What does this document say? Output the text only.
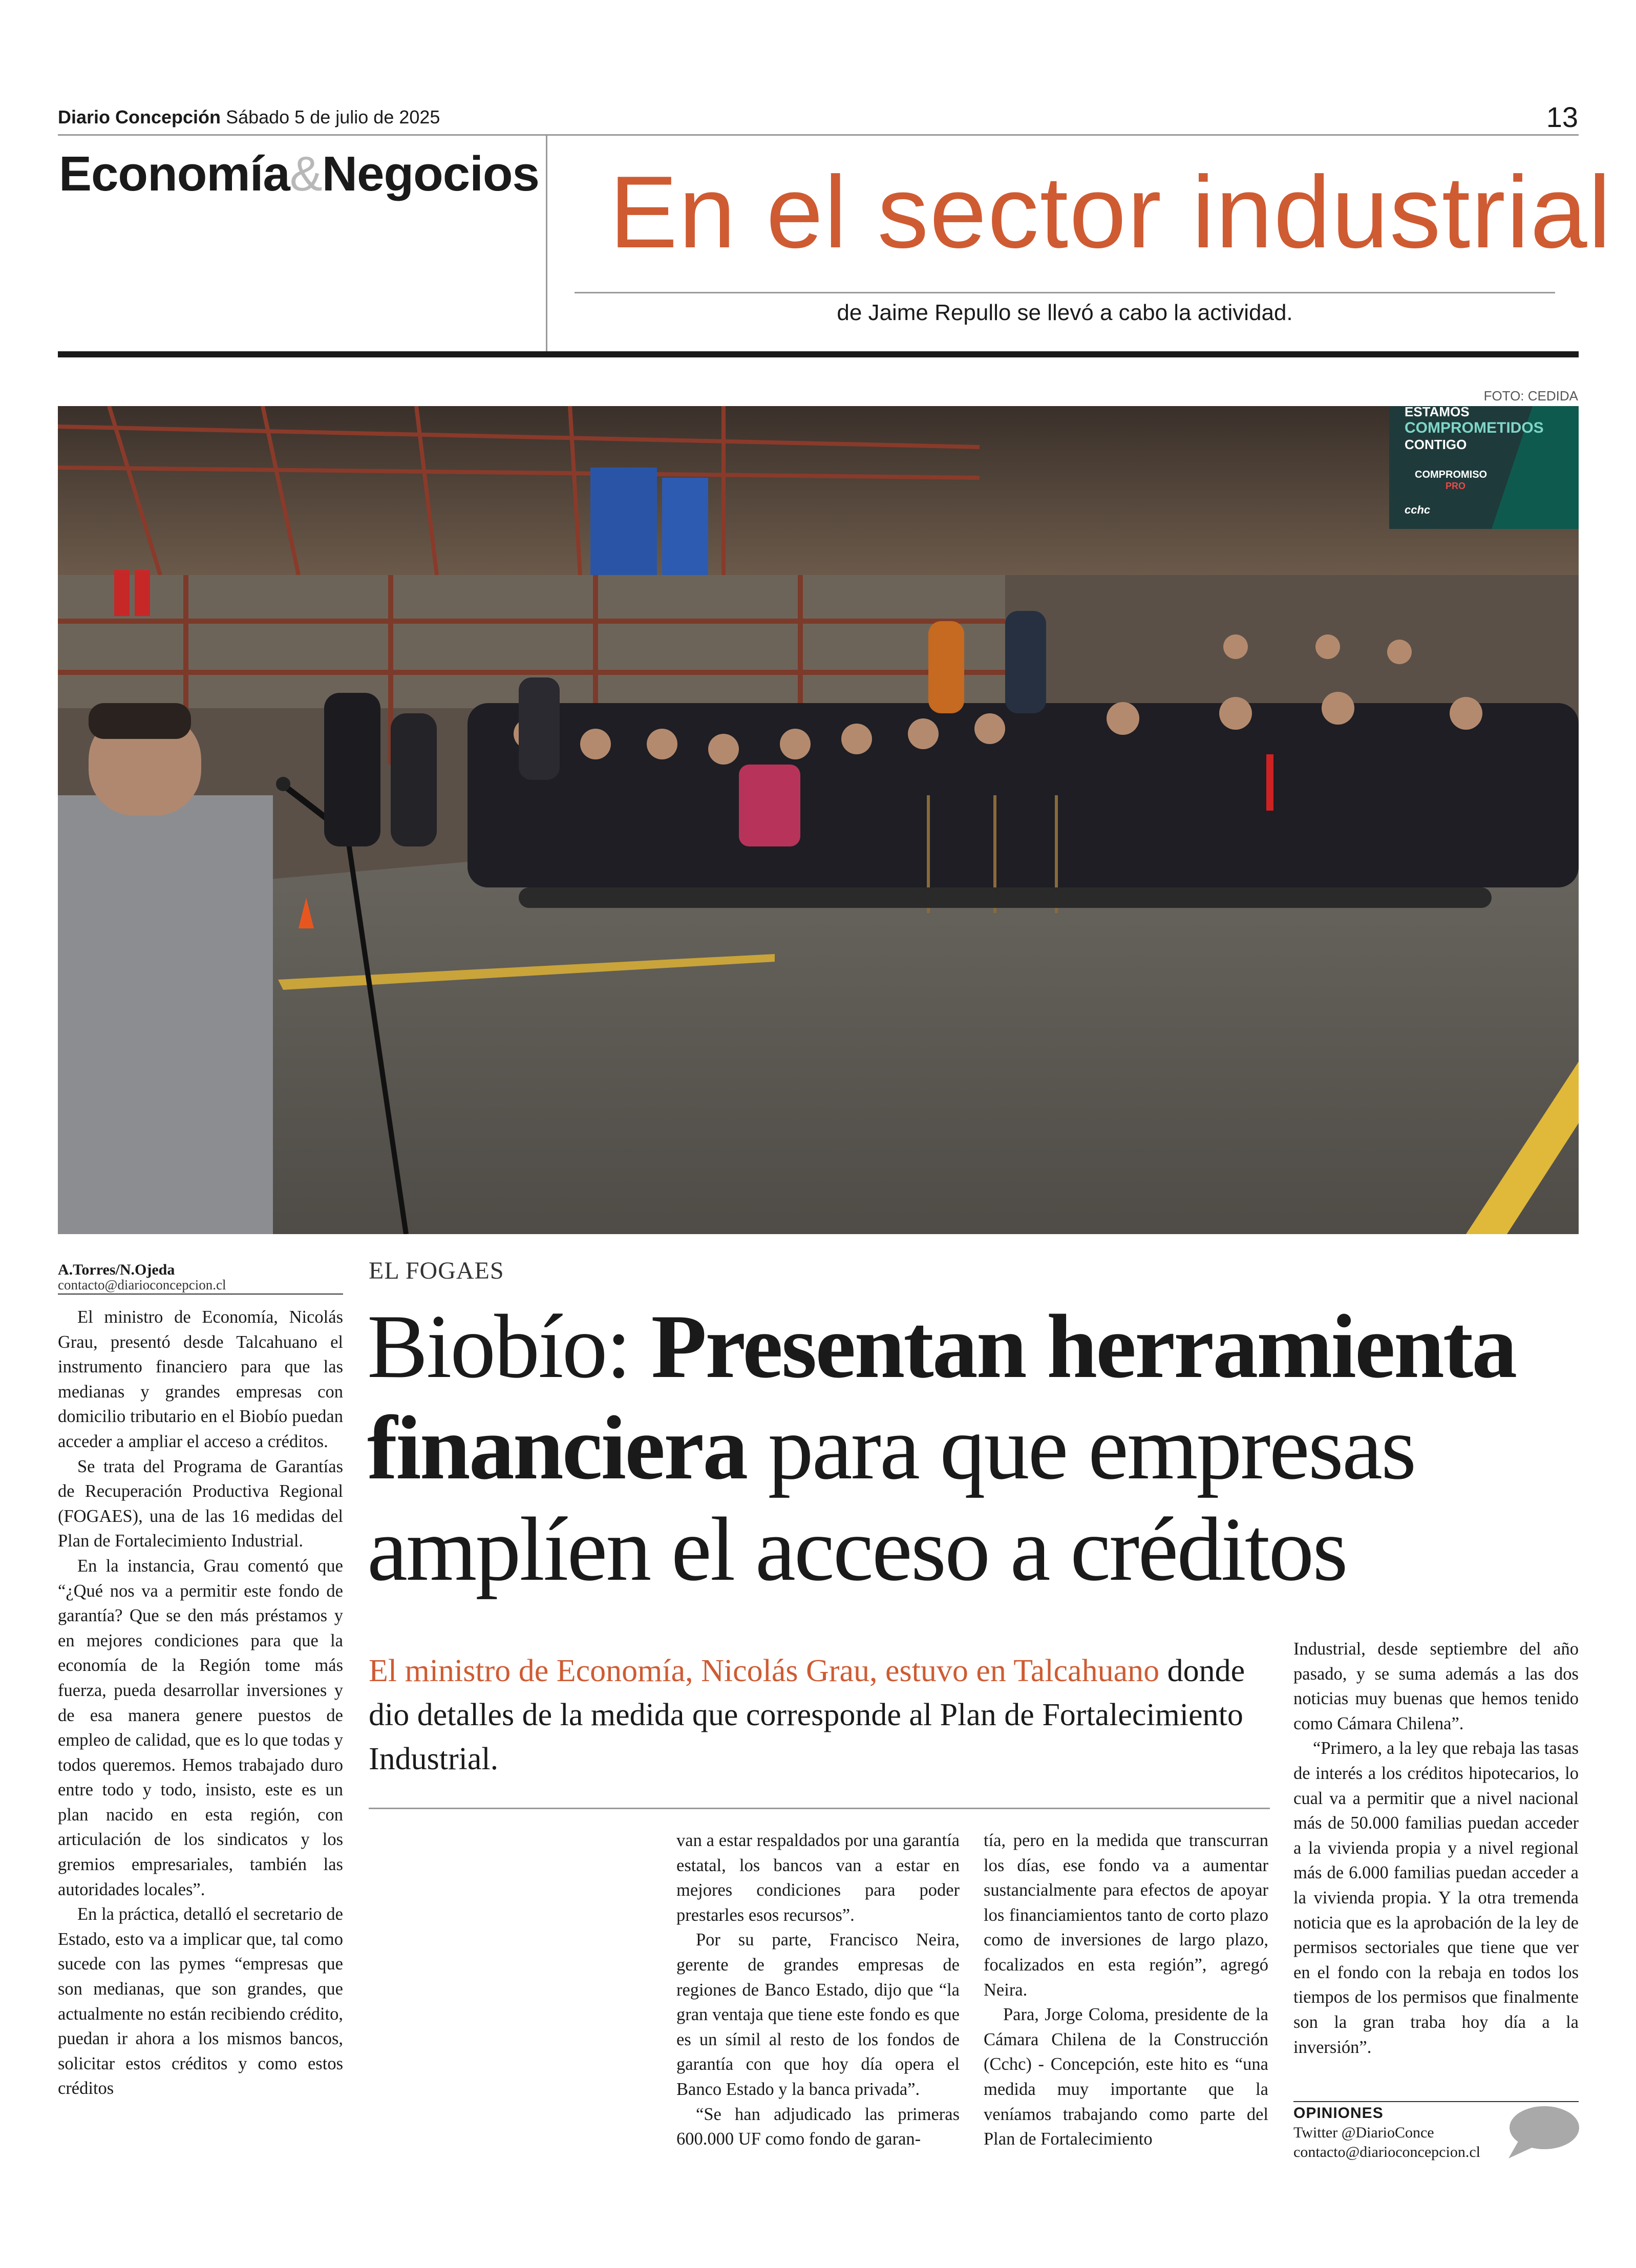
Diario Concepción Sábado 5 de julio de 2025	13
Economía&Negocios En el sector industrial
de Jaime Repullo se llevó a cabo la actividad.
FOTO: CEDIDA
ESTAMOS
COMPROMETIDOS
CONTIGO
COMPROMISO
PRO
cchc
A.Torres/N.Ojeda
contacto@diarioconcepcion.cl

El ministro de Economía, Nicolás Grau, presentó desde Talcahuano el instrumento financiero para que las medianas y grandes empresas con domicilio tributario en el Biobío puedan acceder a ampliar el acceso a créditos.

Se trata del Programa de Garantías de Recuperación Productiva Regional (FOGAES), una de las 16 medidas del Plan de Fortalecimiento Industrial.

En la instancia, Grau comentó que “¿Qué nos va a permitir este fondo de garantía? Que se den más préstamos y en mejores condiciones para que la economía de la Región tome más fuerza, pueda desarrollar inversiones y de esa manera genere puestos de empleo de calidad, que es lo que todas y todos queremos. Hemos trabajado duro entre todo y todo, insisto, este es un plan nacido en esta región, con articulación de los sindicatos y los gremios empresariales, también las autoridades locales”.

En la práctica, detalló el secretario de Estado, esto va a implicar que, tal como sucede con las pymes “empresas que son medianas, que son grandes, que actualmente no están recibiendo crédito, puedan ir ahora a los mismos bancos, solicitar estos créditos y como estos créditos

EL FOGAES
Biobío: Presentan herramienta financiera para que empresas amplíen el acceso a créditos
El ministro de Economía, Nicolás Grau, estuvo en Talcahuano donde dio detalles de la medida que corresponde al Plan de Fortalecimiento Industrial.

van a estar respaldados por una garantía estatal, los bancos van a estar en mejores condiciones para poder prestarles esos recursos”.

Por su parte, Francisco Neira, gerente de grandes empresas de regiones de Banco Estado, dijo que “la gran ventaja que tiene este fondo es que es un símil al resto de los fondos de garantía con que hoy día opera el Banco Estado y la banca privada”.

“Se han adjudicado las primeras 600.000 UF como fondo de garan-

tía, pero en la medida que transcurran los días, ese fondo va a aumentar sustancialmente para efectos de apoyar los financiamientos tanto de corto plazo como de inversiones de largo plazo, focalizados en esta región”, agregó Neira.

Para, Jorge Coloma, presidente de la Cámara Chilena de la Construcción (Cchc) - Concepción, este hito es “una medida muy importante que la veníamos trabajando como parte del Plan de Fortalecimiento

Industrial, desde septiembre del año pasado, y se suma además a las dos noticias muy buenas que hemos tenido como Cámara Chilena”.

“Primero, a la ley que rebaja las tasas de interés a los créditos hipotecarios, lo cual va a permitir que a nivel nacional más de 50.000 familias puedan acceder a la vivienda propia y a nivel regional más de 6.000 familias puedan acceder a la vivienda propia. Y la otra tremenda noticia que es la aprobación de la ley de permisos sectoriales que tiene que ver en el fondo con la rebaja en todos los tiempos de los permisos que finalmente son la gran traba hoy día a la inversión”.

OPINIONES
Twitter @DiarioConce
contacto@diarioconcepcion.cl
